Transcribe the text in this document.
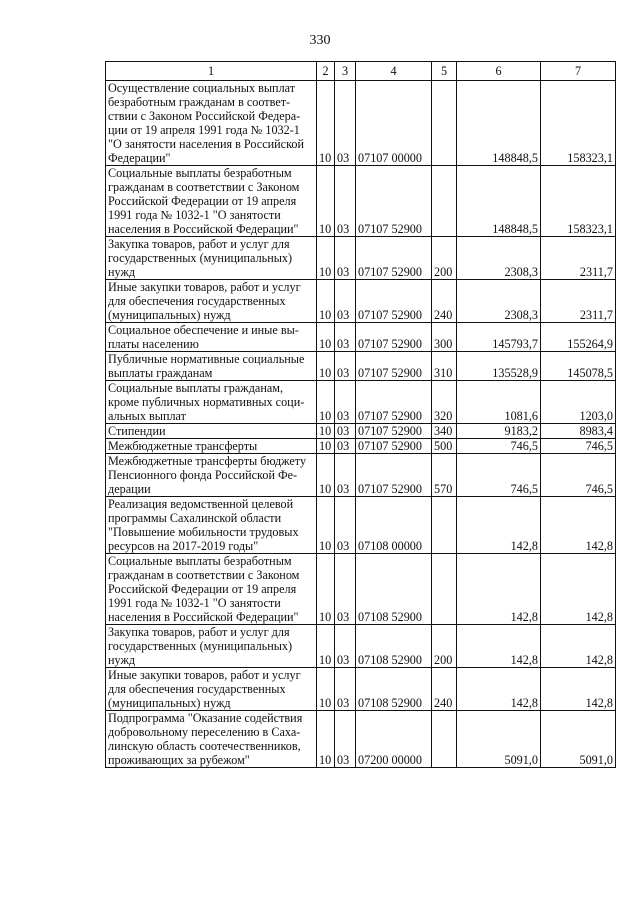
330
1	2	3	4	5	6	7
Осуществление социальных выплат безработным гражданам в соответ-ствии с Законом Российской Федера-ции от 19 апреля 1991 года № 1032-1 "О занятости населения в Российской Федерации"	10	03	07107 00000		148848,5	158323,1
Социальные выплаты безработным гражданам в соответствии с Законом Российской Федерации от 19 апреля 1991 года № 1032-1 "О занятости населения в Российской Федерации"	10	03	07107 52900		148848,5	158323,1
Закупка товаров, работ и услуг для государственных (муниципальных) нужд	10	03	07107 52900	200	2308,3	2311,7
Иные закупки товаров, работ и услуг для обеспечения государственных (муниципальных) нужд	10	03	07107 52900	240	2308,3	2311,7
Социальное обеспечение и иные вы-платы населению	10	03	07107 52900	300	145793,7	155264,9
Публичные нормативные социальные выплаты гражданам	10	03	07107 52900	310	135528,9	145078,5
Социальные выплаты гражданам, кроме публичных нормативных соци-альных выплат	10	03	07107 52900	320	1081,6	1203,0
Стипендии	10	03	07107 52900	340	9183,2	8983,4
Межбюджетные трансферты	10	03	07107 52900	500	746,5	746,5
Межбюджетные трансферты бюджету Пенсионного фонда Российской Фе-дерации	10	03	07107 52900	570	746,5	746,5
Реализация ведомственной целевой программы Сахалинской области "Повышение мобильности трудовых ресурсов на 2017-2019 годы"	10	03	07108 00000		142,8	142,8
Социальные выплаты безработным гражданам в соответствии с Законом Российской Федерации от 19 апреля 1991 года № 1032-1 "О занятости населения в Российской Федерации"	10	03	07108 52900		142,8	142,8
Закупка товаров, работ и услуг для государственных (муниципальных) нужд	10	03	07108 52900	200	142,8	142,8
Иные закупки товаров, работ и услуг для обеспечения государственных (муниципальных) нужд	10	03	07108 52900	240	142,8	142,8
Подпрограмма "Оказание содействия добровольному переселению в Саха-линскую область соотечественников, проживающих за рубежом"	10	03	07200 00000		5091,0	5091,0
